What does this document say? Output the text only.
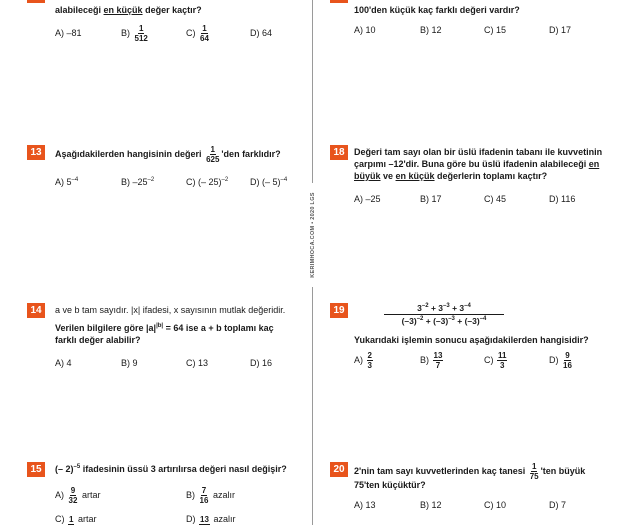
KERIMHOCA.COM • 2020 LGS
alabileceği en küçük değer kaçtır?
A) –81	$B) \frac{1}{512}$	$C) \frac{1}{64}$	D) 64
100'den küçük kaç farklı değeri vardır?
A) 10	B) 12	C) 15	D) 17
13	Aşağıdakilerden hangisinin değeri $\frac{1}{625}$ 'den farklıdır?
A) $5^{-4}$	B) $-25^{-2}$	C) (– 25)$^{-2}$ D) (– 5)$^{-4}$
18	Değeri tam sayı olan bir üslü ifadenin tabanı ile kuvvetinin
çarpımı –12'dir. Buna göre bu üslü ifadenin alabileceği en
büyük ve en küçük değerlerin toplamı kaçtır?
A) –25	B) 17	C) 45	D) 116
14	a ve b tam sayıdır. |x| ifadesi, x sayısının mutlak değeridir.
Verilen bilgilere göre $|a|^{|b|} = 64$ ise a + b toplamı kaç
farklı değer alabilir?
A) 4	B) 9	C) 13	D) 16
19	$3^{-2} + 3^{-3} + 3^{-4}$
$(-3)^{-2} + (-3)^{-3} + (-3)^{-4}$
Yukarıdaki işlemin sonucu aşağıdakilerden hangisidir?
$A) \frac{2}{3}$	$B) \frac{13}{7}$	$C) \frac{11}{3}$	$D) \frac{9}{16}$
15	(– 2)$^{-5}$ ifadesinin üssü 3 artırılırsa değeri nasıl değişir?
$A) \frac{9}{32}$ artar	$B) \frac{7}{16}$ azalır
C) 1 artar	D) 13 azalır
20	2'nin tam sayı kuvvetlerinden kaç tanesi $\frac{1}{75}$ 'ten büyük
75'ten küçüktür?
A) 13	B) 12	C) 10	D) 7
